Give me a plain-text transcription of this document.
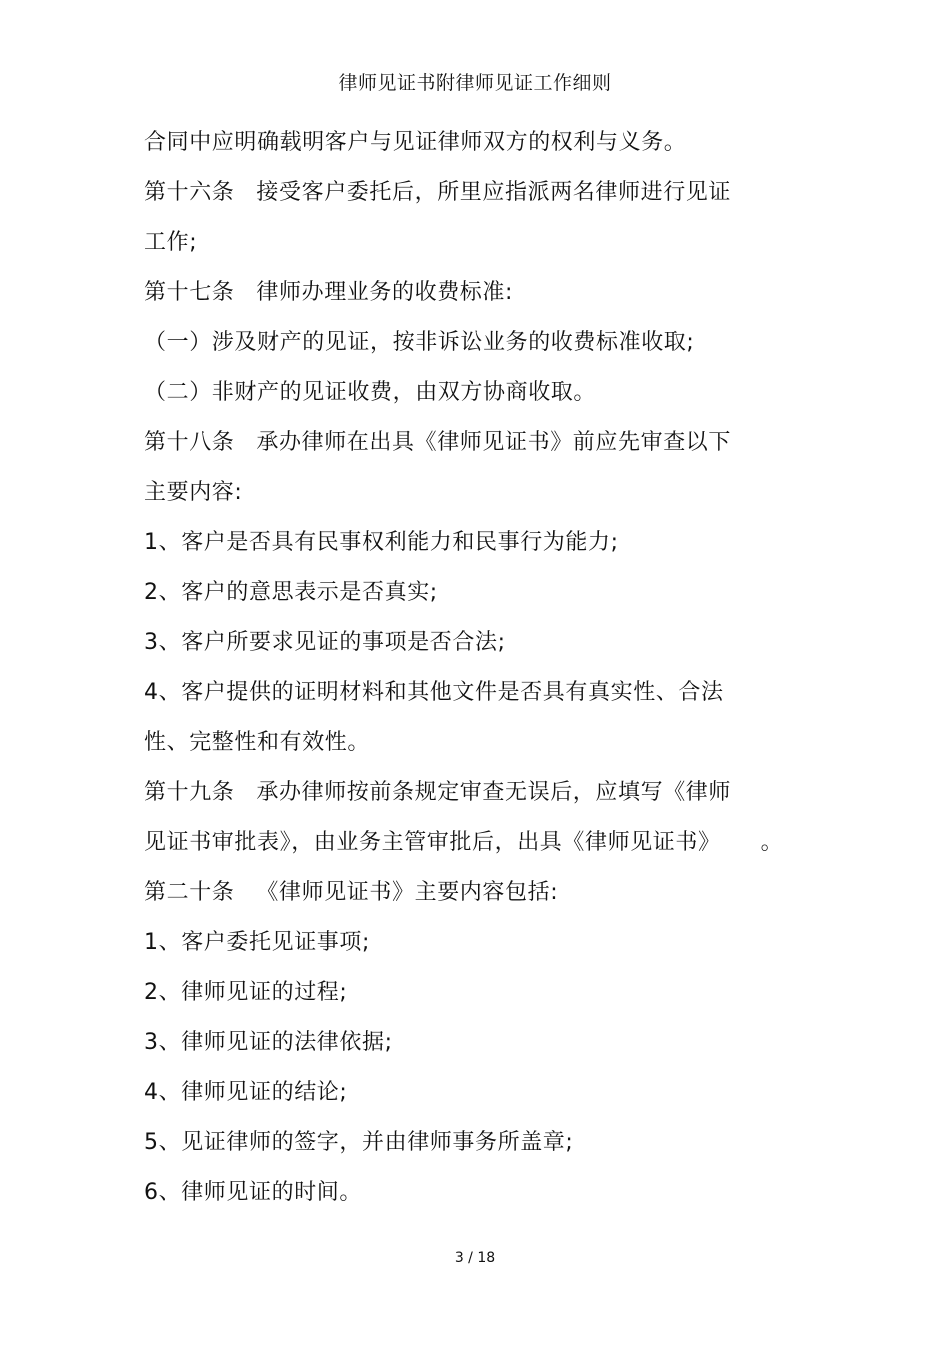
律师见证书附律师见证工作细则
合同中应明确载明客户与见证律师双方的权利与义务。
第十六条 接受客户委托后，所里应指派两名律师进行见证
工作;
第十七条 律师办理业务的收费标准:
（一）涉及财产的见证，按非诉讼业务的收费标准收取;
（二）非财产的见证收费，由双方协商收取。
第十八条 承办律师在出具《律师见证书》前应先审查以下
主要内容:
1、客户是否具有民事权利能力和民事行为能力;
2、客户的意思表示是否真实;
3、客户所要求见证的事项是否合法;
4、客户提供的证明材料和其他文件是否具有真实性、合法
性、完整性和有效性。
第十九条 承办律师按前条规定审查无误后，应填写《律师
见证书审批表》，由业务主管审批后，出具《律师见证书》 。
第二十条 《律师见证书》主要内容包括:
1、客户委托见证事项;
2、律师见证的过程;
3、律师见证的法律依据;
4、律师见证的结论;
5、见证律师的签字，并由律师事务所盖章;
6、律师见证的时间。
3 / 18
